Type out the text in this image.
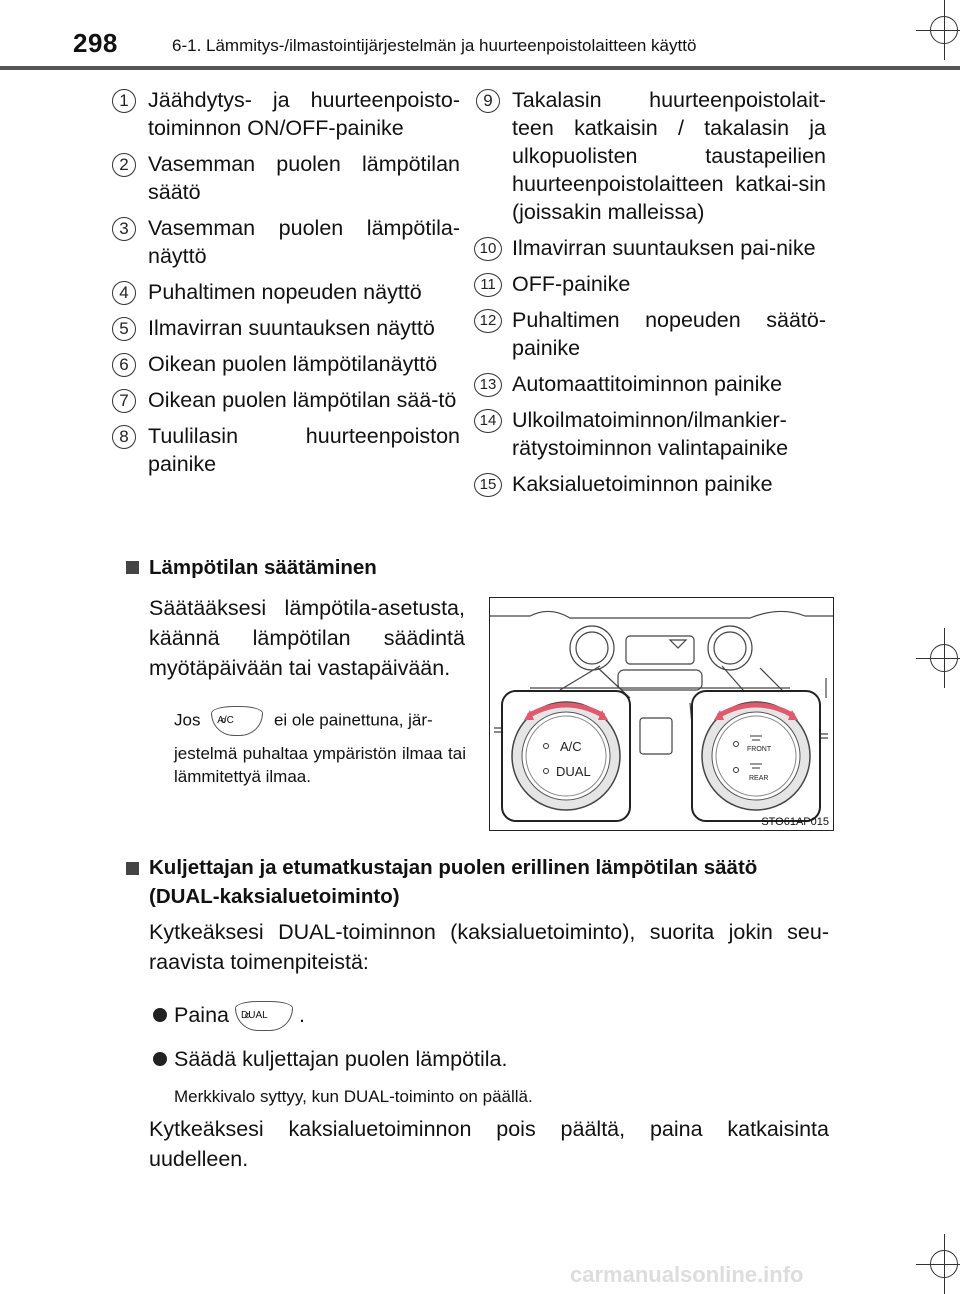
298	6-1. Lämmitys-/ilmastointijärjestelmän ja huurteenpoistolaitteen käyttö
1 Jäähdytys- ja huurteenpoisto-toiminnon ON/OFF-painike
2 Vasemman puolen lämpötilan säätö
3 Vasemman puolen lämpötila-näyttö
4 Puhaltimen nopeuden näyttö
5 Ilmavirran suuntauksen näyttö
6 Oikean puolen lämpötilanäyttö
7 Oikean puolen lämpötilan sää-tö
8 Tuulilasin huurteenpoiston painike
9 Takalasin huurteenpoistolait-teen katkaisin / takalasin ja ulkopuolisten taustapeilien huurteenpoistolaitteen katkai-sin (joissakin malleissa)
10 Ilmavirran suuntauksen pai-nike
11 OFF-painike
12 Puhaltimen nopeuden säätö-painike
13 Automaattitoiminnon painike
14 Ulkoilmatoiminnon/ilmankier-rätystoiminnon valintapainike
15 Kaksialuetoiminnon painike
Lämpötilan säätäminen
Säätääksesi lämpötila-asetusta, käännä lämpötilan säädintä myötäpäivään tai vastapäivään.
Jos A/C ei ole painettuna, jär-
jestelmä puhaltaa ympäristön ilmaa tai lämmitettyä ilmaa.
A/C
DUAL
FRONT
REAR
STO61AP015
Kuljettajan ja etumatkustajan puolen erillinen lämpötilan säätö (DUAL-kaksialuetoiminto)
Kytkeäksesi DUAL-toiminnon (kaksialuetoiminto), suorita jokin seu-raavista toimenpiteistä:
Paina DUAL .
Säädä kuljettajan puolen lämpötila.
Merkkivalo syttyy, kun DUAL-toiminto on päällä.
Kytkeäksesi kaksialuetoiminnon pois päältä, paina katkaisinta uudelleen.
carmanualsonline.info
